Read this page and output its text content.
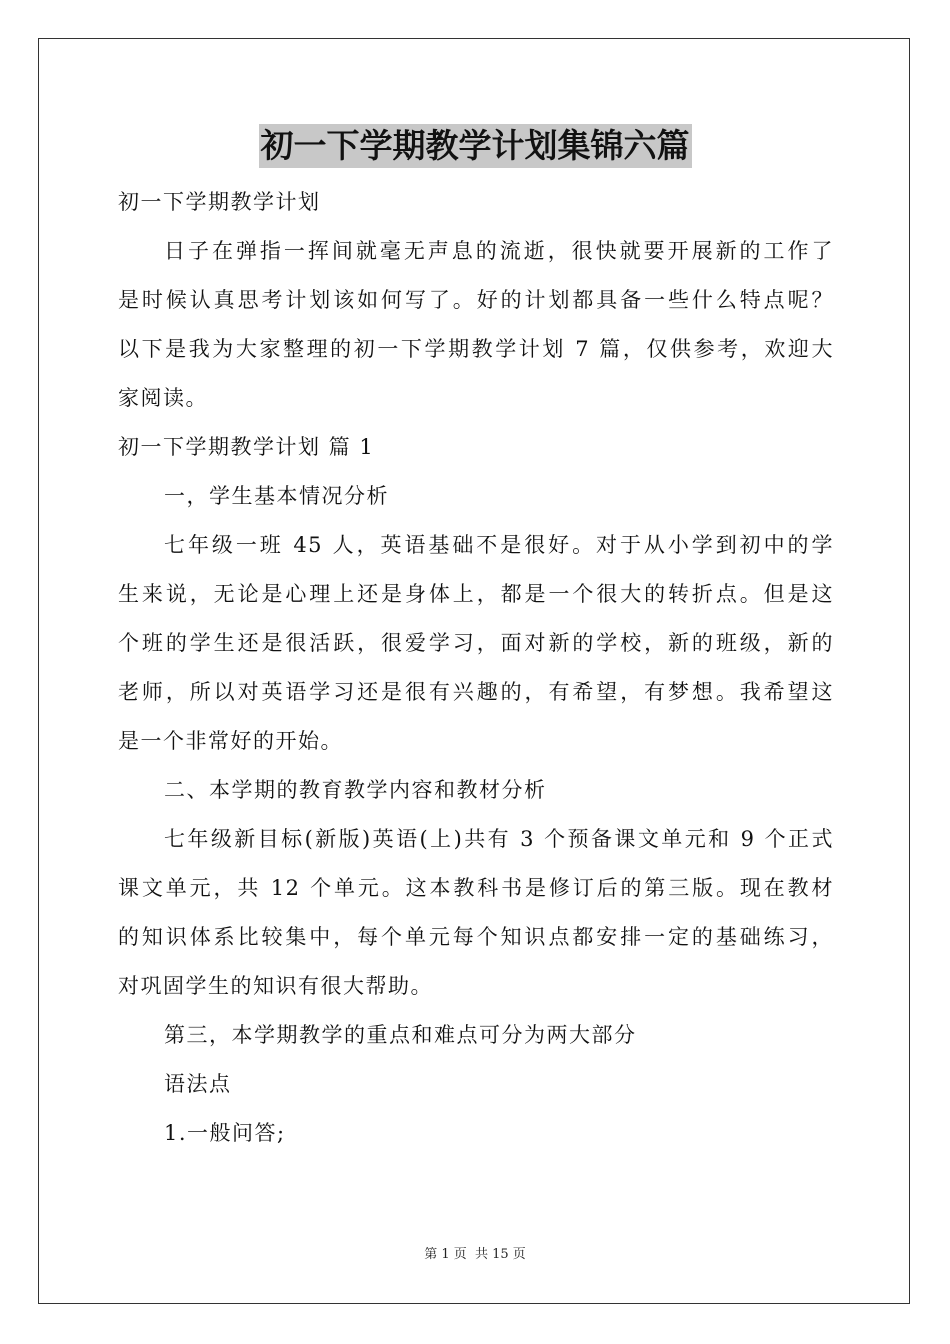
初一下学期教学计划集锦六篇
初一下学期教学计划
日子在弹指一挥间就毫无声息的流逝，很快就要开展新的工作了
是时候认真思考计划该如何写了。好的计划都具备一些什么特点呢？
以下是我为大家整理的初一下学期教学计划 7 篇，仅供参考，欢迎大
家阅读。
初一下学期教学计划 篇 1
一，学生基本情况分析
七年级一班 45 人，英语基础不是很好。对于从小学到初中的学
生来说，无论是心理上还是身体上，都是一个很大的转折点。但是这
个班的学生还是很活跃，很爱学习，面对新的学校，新的班级，新的
老师，所以对英语学习还是很有兴趣的，有希望，有梦想。我希望这
是一个非常好的开始。
二、本学期的教育教学内容和教材分析
七年级新目标(新版)英语(上)共有 3 个预备课文单元和 9 个正式
课文单元，共 12 个单元。这本教科书是修订后的第三版。现在教材
的知识体系比较集中，每个单元每个知识点都安排一定的基础练习，
对巩固学生的知识有很大帮助。
第三，本学期教学的重点和难点可分为两大部分
语法点
1.一般问答;
第 1 页 共 15 页
